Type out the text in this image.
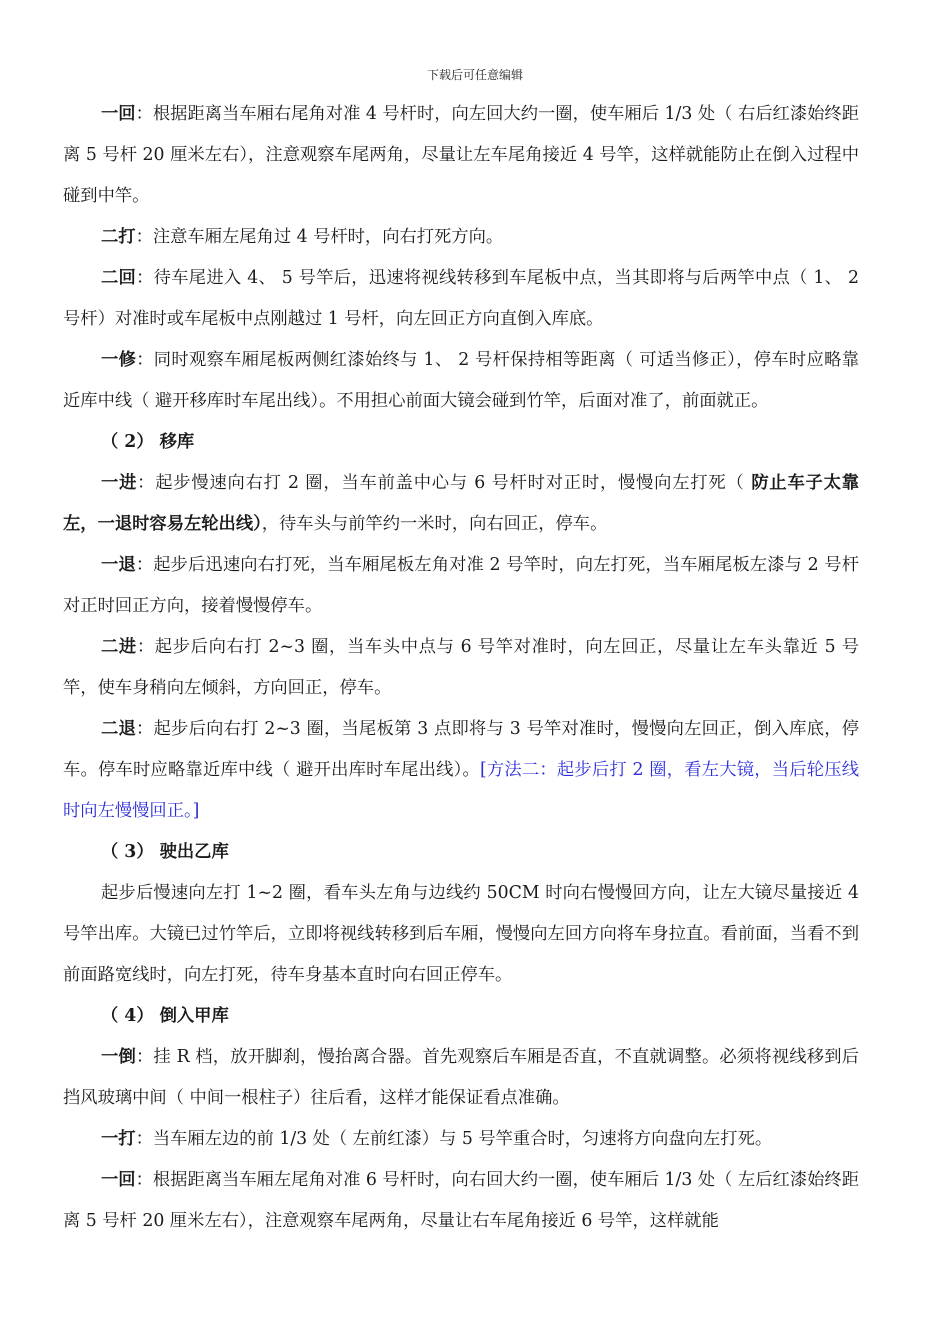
下载后可任意编辑

一回：根据距离当车厢右尾角对准 4 号杆时，向左回大约一圈，使车厢后 1/3 处（ 右后红漆始终距离 5 号杆 20 厘米左右），注意观察车尾两角，尽量让左车尾角接近 4 号竿，这样就能防止在倒入过程中碰到中竿。

二打：注意车厢左尾角过 4 号杆时，向右打死方向。

二回：待车尾进入 4、 5 号竿后，迅速将视线转移到车尾板中点，当其即将与后两竿中点（ 1、 2 号杆）对准时或车尾板中点刚越过 1 号杆，向左回正方向直倒入库底。

一修：同时观察车厢尾板两侧红漆始终与 1、 2 号杆保持相等距离（ 可适当修正），停车时应略靠近库中线（ 避开移库时车尾出线）。不用担心前面大镜会碰到竹竿，后面对准了，前面就正。

（ 2） 移库

一进：起步慢速向右打 2 圈，当车前盖中心与 6 号杆时对正时，慢慢向左打死（ 防止车子太靠左，一退时容易左轮出线），待车头与前竿约一米时，向右回正，停车。

一退：起步后迅速向右打死，当车厢尾板左角对准 2 号竿时，向左打死，当车厢尾板左漆与 2 号杆对正时回正方向，接着慢慢停车。

二进：起步后向右打 2~3 圈，当车头中点与 6 号竿对准时，向左回正，尽量让左车头靠近 5 号竿，使车身稍向左倾斜，方向回正，停车。

二退：起步后向右打 2~3 圈，当尾板第 3 点即将与 3 号竿对准时，慢慢向左回正，倒入库底，停车。停车时应略靠近库中线（ 避开出库时车尾出线）。[方法二：起步后打 2 圈，看左大镜，当后轮压线时向左慢慢回正。]

（ 3） 驶出乙库

起步后慢速向左打 1~2 圈，看车头左角与边线约 50CM 时向右慢慢回方向，让左大镜尽量接近 4 号竿出库。大镜已过竹竿后，立即将视线转移到后车厢，慢慢向左回方向将车身拉直。看前面，当看不到前面路宽线时，向左打死，待车身基本直时向右回正停车。

（ 4） 倒入甲库

一倒：挂 R 档，放开脚刹，慢抬离合器。首先观察后车厢是否直，不直就调整。必须将视线移到后挡风玻璃中间（ 中间一根柱子）往后看，这样才能保证看点准确。

一打：当车厢左边的前 1/3 处（ 左前红漆）与 5 号竿重合时，匀速将方向盘向左打死。

一回：根据距离当车厢左尾角对准 6 号杆时，向右回大约一圈，使车厢后 1/3 处（ 左后红漆始终距离 5 号杆 20 厘米左右），注意观察车尾两角，尽量让右车尾角接近 6 号竿，这样就能
